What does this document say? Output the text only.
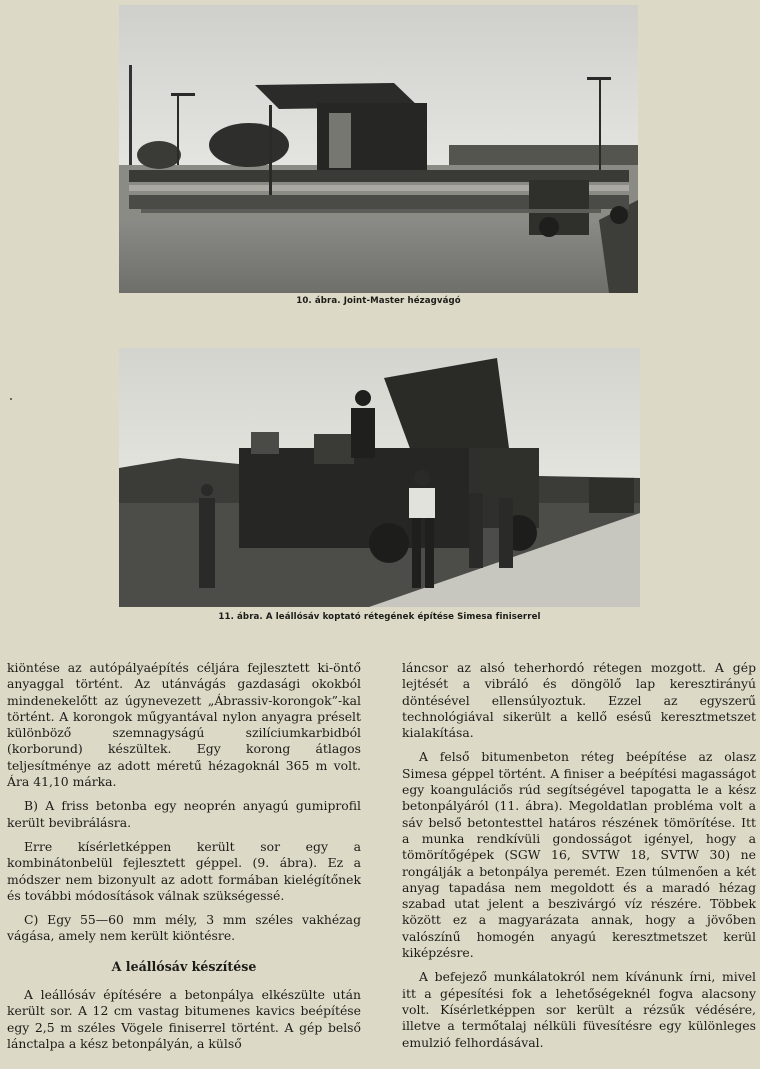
10. ábra. Joint-Master hézagvágó
11. ábra. A leállósáv koptató rétegének építése Simesa finiserrel

kiöntése az autópályaépítés céljára fejlesztett ki-öntő anyaggal történt. Az utánvágás gazdasági okokból mindenekelőtt az úgynevezett „Ábrassiv-korongok”-kal történt. A korongok műgyantával nylon anyagra préselt különböző szemnagyságú szilíciumkarbidból (korborund) készültek. Egy korong átlagos teljesítménye az adott méretű hézagoknál 365 m volt. Ára 41,10 márka.

B) A friss betonba egy neoprén anyagú gumiprofil került bevibrálásra.

Erre kísérletképpen került sor egy a kombinátonbelül fejlesztett géppel. (9. ábra). Ez a módszer nem bizonyult az adott formában kielégítőnek és további módosítások válnak szükségessé.

C) Egy 55—60 mm mély, 3 mm széles vakhézag vágása, amely nem került kiöntésre.

A leállósáv készítése

A leállósáv építésére a betonpálya elkészülte után került sor. A 12 cm vastag bitumenes kavics beépítése egy 2,5 m széles Vögele finiserrel történt. A gép belső lánctalpa a kész betonpályán, a külső

láncsor az alsó teherhordó rétegen mozgott. A gép lejtését a vibráló és döngölő lap keresztirányú döntésével ellensúlyoztuk. Ezzel az egyszerű technológiával sikerült a kellő esésű keresztmetszet kialakítása.

A felső bitumenbeton réteg beépítése az olasz Simesa géppel történt. A finiser a beépítési magasságot egy koanguláciős rúd segítségével tapogatta le a kész betonpályáról (11. ábra). Megoldatlan probléma volt a sáv belső betontesttel határos részének tömörítése. Itt a munka rendkívüli gondosságot igényel, hogy a tömörítőgépek (SGW 16, SVTW 18, SVTW 30) ne rongálják a betonpálya peremét. Ezen túlmenően a két anyag tapadása nem megoldott és a maradó hézag szabad utat jelent a beszivárgó víz részére. Többek között ez a magyarázata annak, hogy a jövőben valószínű homogén anyagú keresztmetszet kerül kiképzésre.

A befejező munkálatokról nem kívánunk írni, mivel itt a gépesítési fok a lehetőségeknél fogva alacsony volt. Kísérletképpen sor került a rézsűk védésére, illetve a termőtalaj nélküli füvesítésre egy különleges emulzió felhordásával.
